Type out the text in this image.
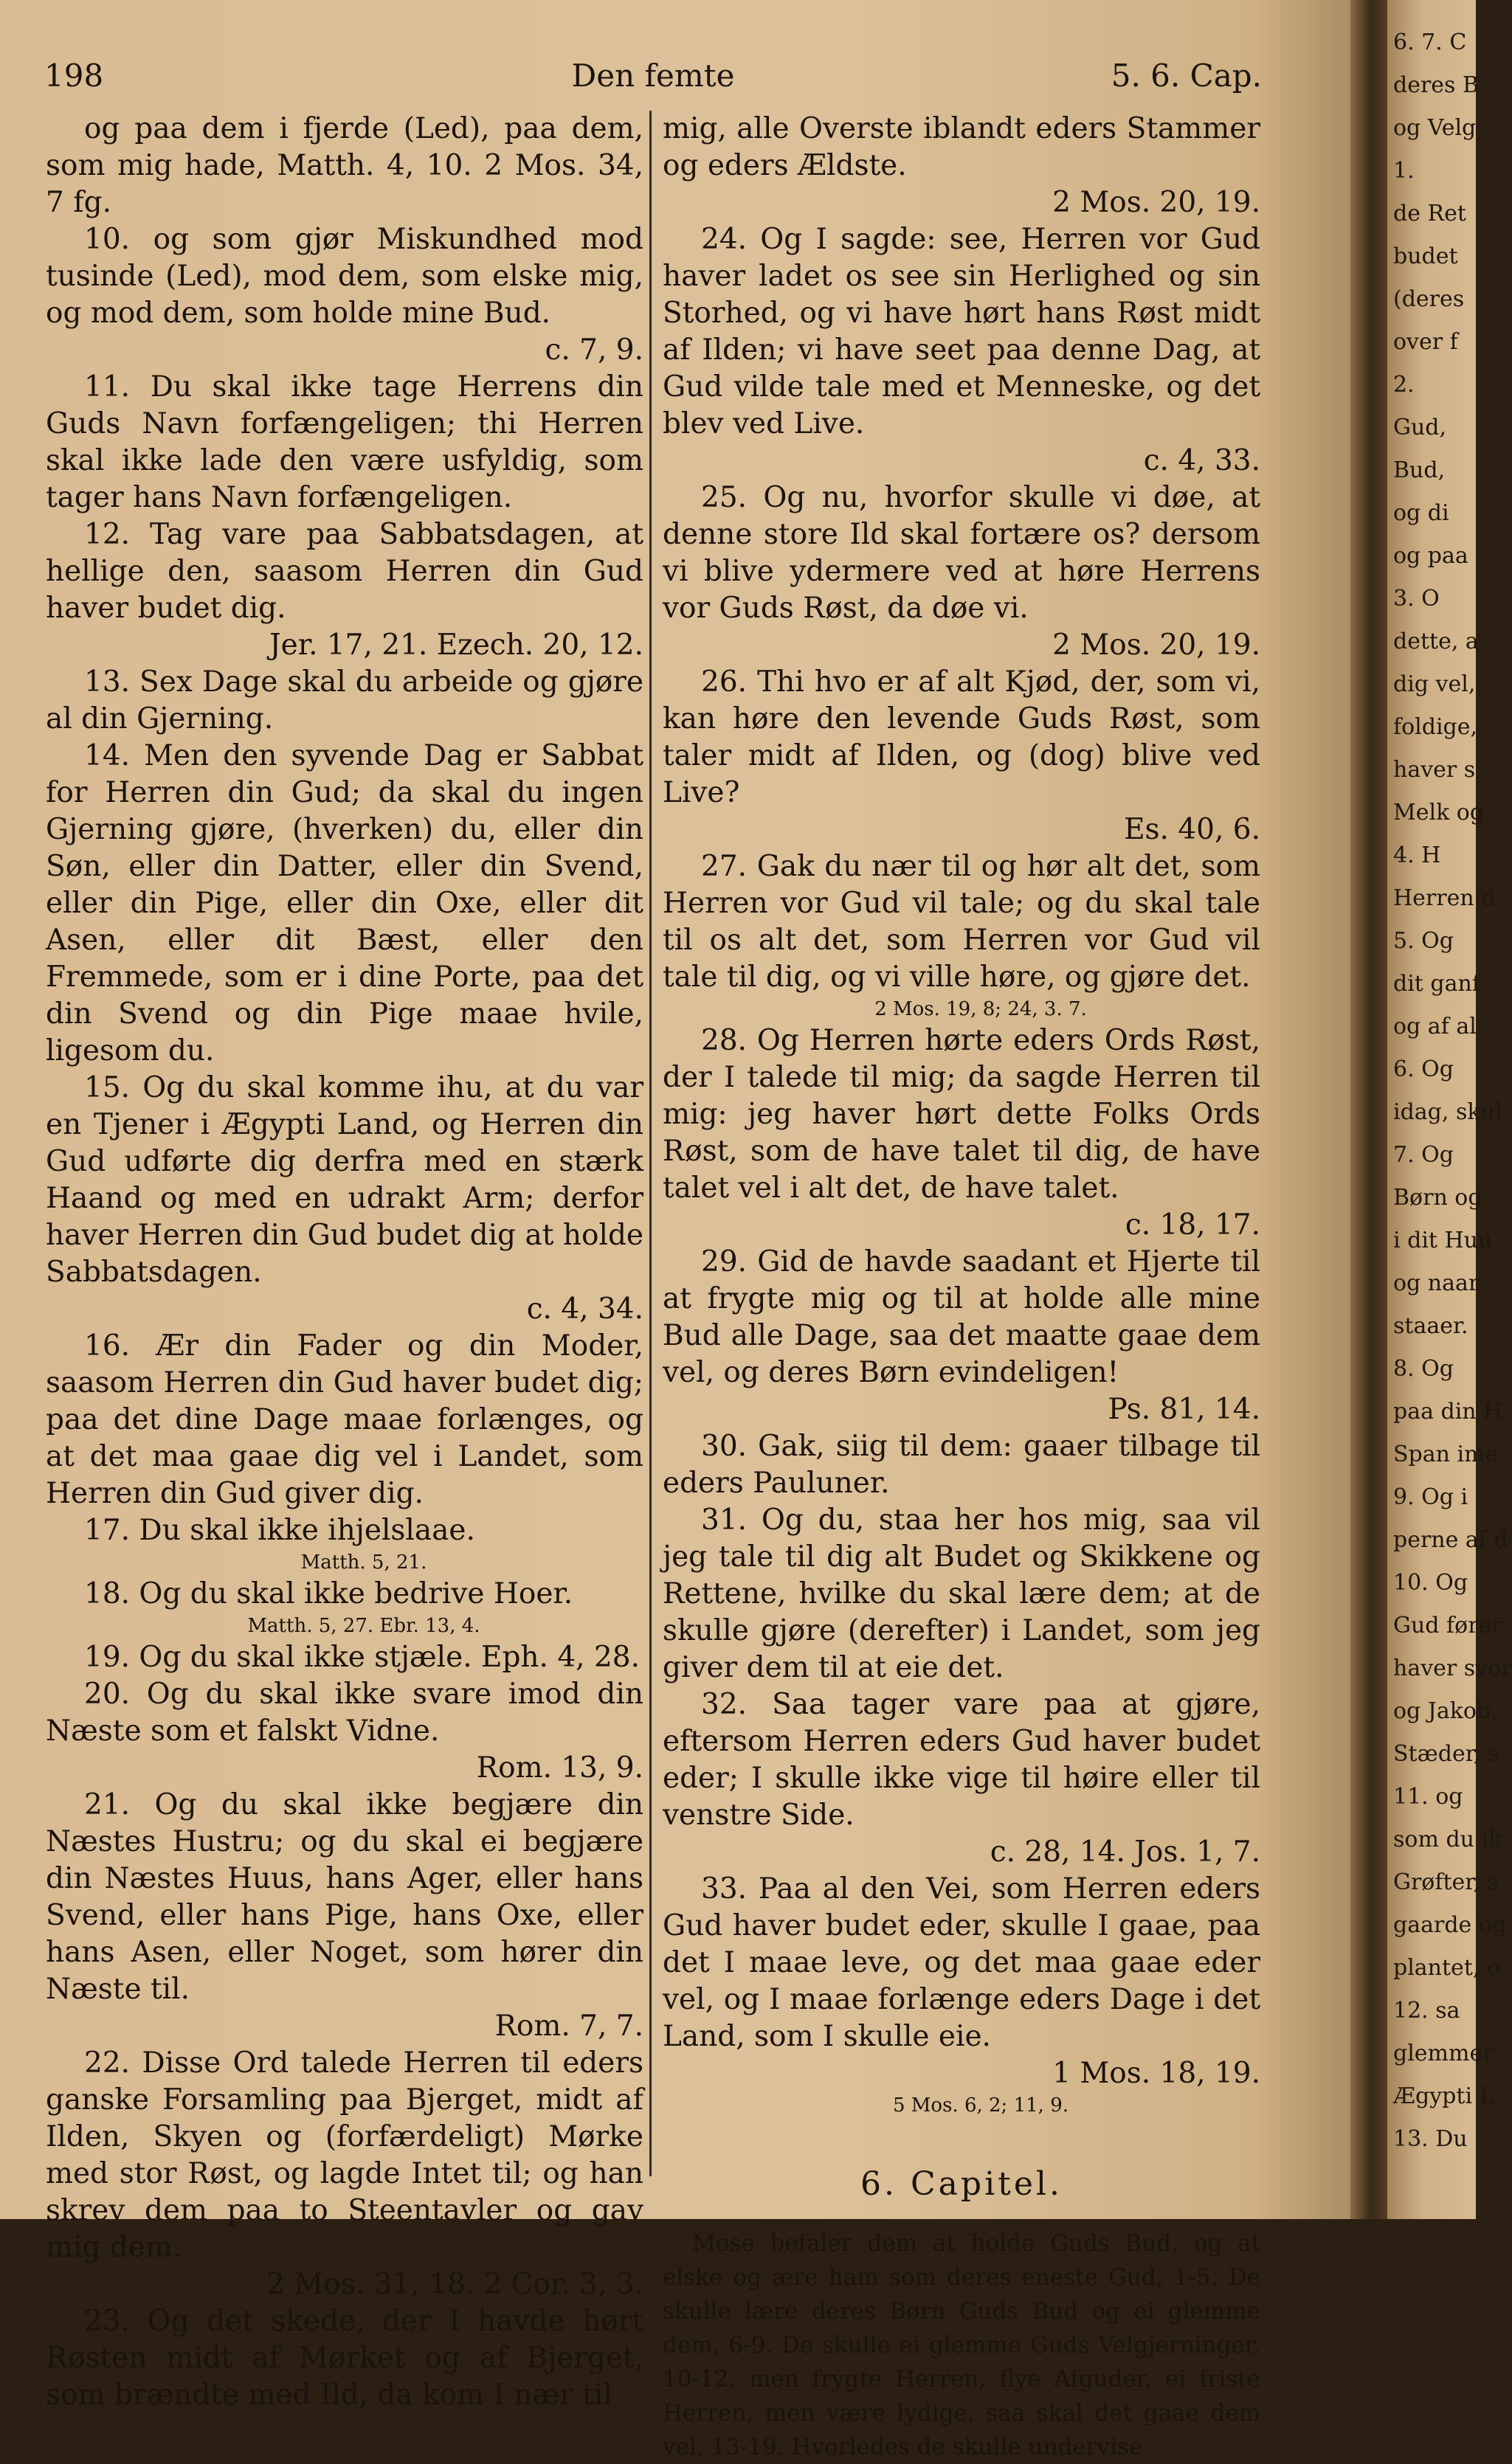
198	Den femte	5. 6. Cap.

og paa dem i fjerde (Led), paa dem, som mig hade, Matth. 4, 10. 2 Mos. 34, 7 fg.

10. og som gjør Miskundhed mod tusinde (Led), mod dem, som elske mig, og mod dem, som holde mine Bud.
c. 7, 9.

11. Du skal ikke tage Herrens din Guds Navn forfængeligen; thi Herren skal ikke lade den være usfyldig, som tager hans Navn forfængeligen.

12. Tag vare paa Sabbatsdagen, at hellige den, saasom Herren din Gud haver budet dig.
Jer. 17, 21. Ezech. 20, 12.

13. Sex Dage skal du arbeide og gjøre al din Gjerning.

14. Men den syvende Dag er Sabbat for Herren din Gud; da skal du ingen Gjerning gjøre, (hverken) du, eller din Søn, eller din Datter, eller din Svend, eller din Pige, eller din Oxe, eller dit Asen, eller dit Bæst, eller den Fremmede, som er i dine Porte, paa det din Svend og din Pige maae hvile, ligesom du.

15. Og du skal komme ihu, at du var en Tjener i Ægypti Land, og Herren din Gud udførte dig derfra med en stærk Haand og med en udrakt Arm; derfor haver Herren din Gud budet dig at holde Sabbatsdagen.
c. 4, 34.

16. Ær din Fader og din Moder, saasom Herren din Gud haver budet dig; paa det dine Dage maae forlænges, og at det maa gaae dig vel i Landet, som Herren din Gud giver dig.

17. Du skal ikke ihjelslaae.
Matth. 5, 21.

18. Og du skal ikke bedrive Hoer.
Matth. 5, 27. Ebr. 13, 4.

19. Og du skal ikke stjæle. Eph. 4, 28.

20. Og du skal ikke svare imod din Næste som et falskt Vidne.
Rom. 13, 9.

21. Og du skal ikke begjære din Næstes Hustru; og du skal ei begjære din Næstes Huus, hans Ager, eller hans Svend, eller hans Pige, hans Oxe, eller hans Asen, eller Noget, som hører din Næste til.
Rom. 7, 7.

22. Disse Ord talede Herren til eders ganske Forsamling paa Bjerget, midt af Ilden, Skyen og (forfærdeligt) Mørke med stor Røst, og lagde Intet til; og han skrev dem paa to Steentavler og gav mig dem.
2 Mos. 31, 18. 2 Cor. 3, 3.

23. Og det skede, der I havde hørt Røsten midt af Mørket og af Bjerget, som brændte med Ild, da kom I nær til

mig, alle Overste iblandt eders Stammer og eders Ældste.
2 Mos. 20, 19.

24. Og I sagde: see, Herren vor Gud haver ladet os see sin Herlighed og sin Storhed, og vi have hørt hans Røst midt af Ilden; vi have seet paa denne Dag, at Gud vilde tale med et Menneske, og det blev ved Live.
c. 4, 33.

25. Og nu, hvorfor skulle vi døe, at denne store Ild skal fortære os? dersom vi blive ydermere ved at høre Herrens vor Guds Røst, da døe vi.
2 Mos. 20, 19.

26. Thi hvo er af alt Kjød, der, som vi, kan høre den levende Guds Røst, som taler midt af Ilden, og (dog) blive ved Live?
Es. 40, 6.

27. Gak du nær til og hør alt det, som Herren vor Gud vil tale; og du skal tale til os alt det, som Herren vor Gud vil tale til dig, og vi ville høre, og gjøre det.
2 Mos. 19, 8; 24, 3. 7.

28. Og Herren hørte eders Ords Røst, der I talede til mig; da sagde Herren til mig: jeg haver hørt dette Folks Ords Røst, som de have talet til dig, de have talet vel i alt det, de have talet.
c. 18, 17.

29. Gid de havde saadant et Hjerte til at frygte mig og til at holde alle mine Bud alle Dage, saa det maatte gaae dem vel, og deres Børn evindeligen!
Ps. 81, 14.

30. Gak, siig til dem: gaaer tilbage til eders Pauluner.

31. Og du, staa her hos mig, saa vil jeg tale til dig alt Budet og Skikkene og Rettene, hvilke du skal lære dem; at de skulle gjøre (derefter) i Landet, som jeg giver dem til at eie det.

32. Saa tager vare paa at gjøre, eftersom Herren eders Gud haver budet eder; I skulle ikke vige til høire eller til venstre Side.
c. 28, 14. Jos. 1, 7.

33. Paa al den Vei, som Herren eders Gud haver budet eder, skulle I gaae, paa det I maae leve, og det maa gaae eder vel, og I maae forlænge eders Dage i det Land, som I skulle eie.
1 Mos. 18, 19.
5 Mos. 6, 2; 11, 9.

6. Capitel.

Mose befaler dem at holde Guds Bud, og at elske og ære ham som deres eneste Gud, 1-5. De skulle lære deres Børn Guds Bud og ei glemme dem, 6-9. De skulle ei glemme Guds Velgjerninger, 10-12, men frygte Herren, flye Afguder, ei friste Herren, men være lydige, saa skal det gaae dem vel, 13-19. Hvorledes de skulle undervise

6. 7. C
deres B
og Velg
1.
de Ret
budet
(deres
over f
2.
Gud,
Bud,
og di
og paa
3. O
dette, a
dig vel,
foldige,
haver s
Melk og
4. H
Herren d
5. Og
dit ganf
og af al
6. Og
idag, skul
7. Og
Børn og
i dit Huu
og naar
staaer.
8. Og
paa din H
Span ime
9. Og i
perne af d
10. Og
Gud fører
haver svor
og Jakob,
Stæder, s
11. og
som du ik
Grøfter, s
gaarde og
plantet, o
12. sa
glemmer
Ægypti L
13. Du
